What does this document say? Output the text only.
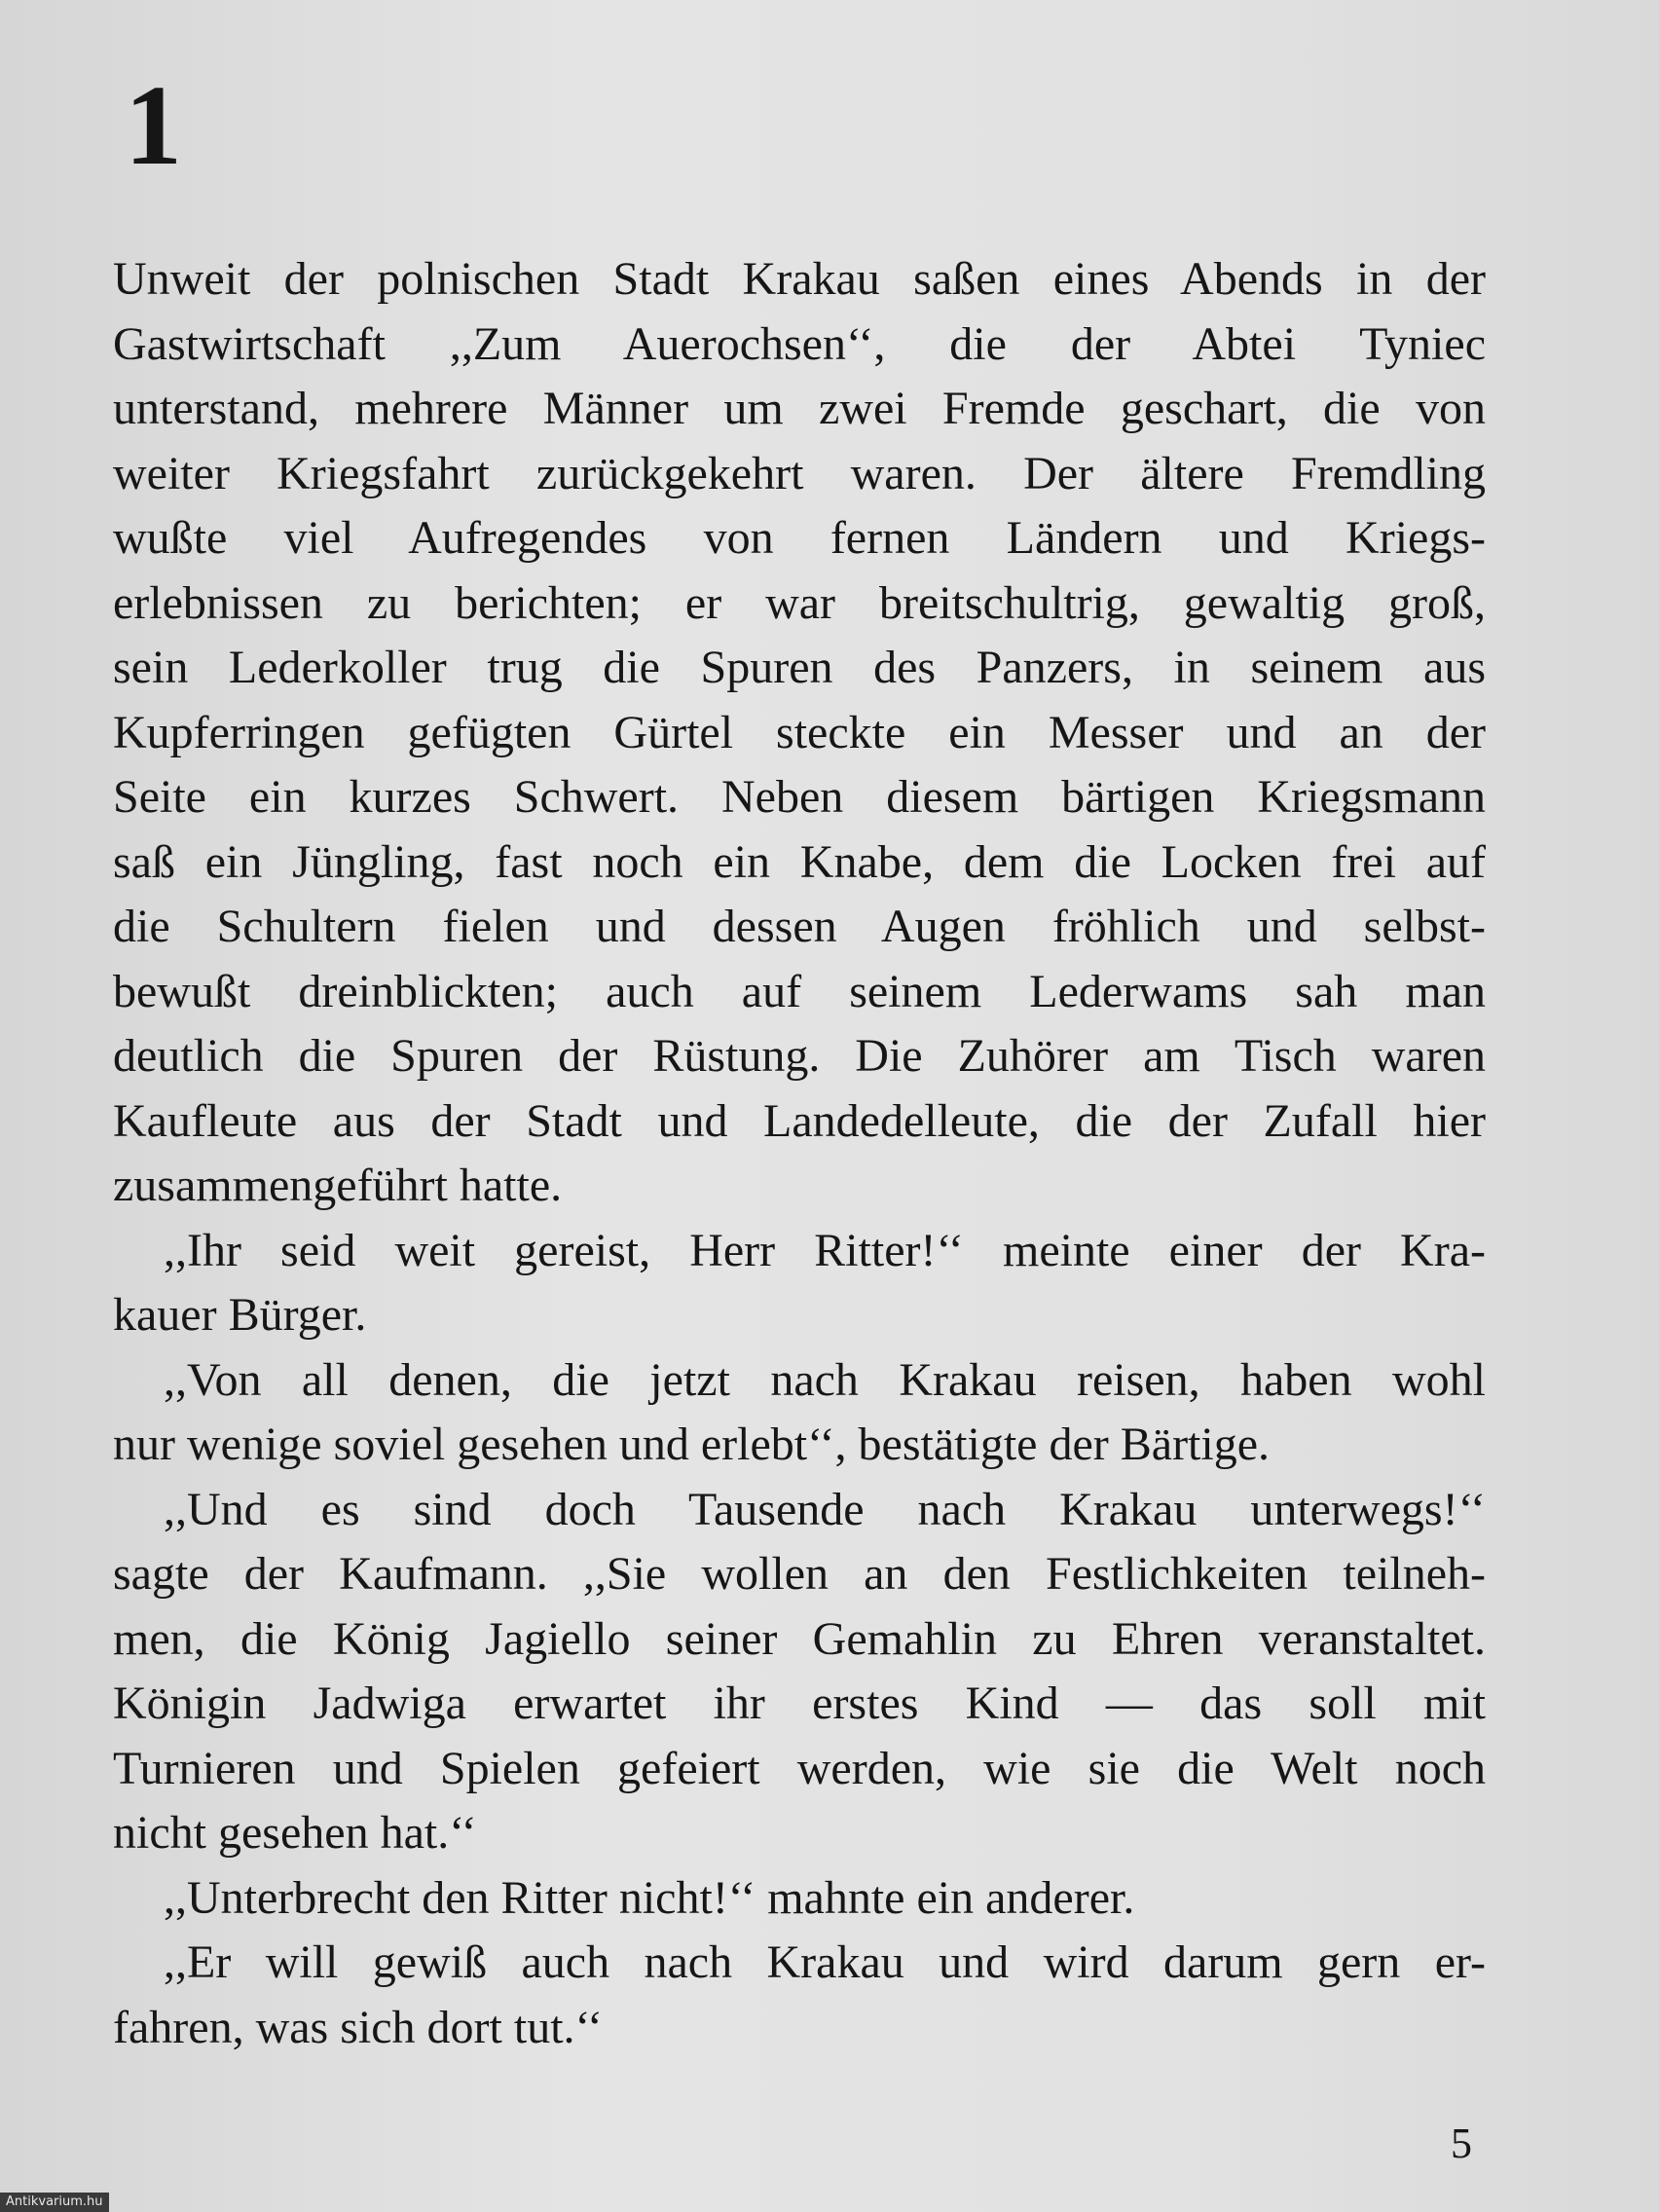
1
Unweit der polnischen Stadt Krakau saßen eines Abends in der
Gastwirtschaft ,,Zum Auerochsen‘‘, die der Abtei Tyniec
unterstand, mehrere Männer um zwei Fremde geschart, die von
weiter Kriegsfahrt zurückgekehrt waren. Der ältere Fremdling
wußte viel Aufregendes von fernen Ländern und Kriegs-
erlebnissen zu berichten; er war breitschultrig, gewaltig groß,
sein Lederkoller trug die Spuren des Panzers, in seinem aus
Kupferringen gefügten Gürtel steckte ein Messer und an der
Seite ein kurzes Schwert. Neben diesem bärtigen Kriegsmann
saß ein Jüngling, fast noch ein Knabe, dem die Locken frei auf
die Schultern fielen und dessen Augen fröhlich und selbst-
bewußt dreinblickten; auch auf seinem Lederwams sah man
deutlich die Spuren der Rüstung. Die Zuhörer am Tisch waren
Kaufleute aus der Stadt und Landedelleute, die der Zufall hier
zusammengeführt hatte.
,,Ihr seid weit gereist, Herr Ritter!‘‘ meinte einer der Kra-
kauer Bürger.
,,Von all denen, die jetzt nach Krakau reisen, haben wohl
nur wenige soviel gesehen und erlebt‘‘, bestätigte der Bärtige.
,,Und es sind doch Tausende nach Krakau unterwegs!‘‘
sagte der Kaufmann. ,,Sie wollen an den Festlichkeiten teilneh-
men, die König Jagiello seiner Gemahlin zu Ehren veranstaltet.
Königin Jadwiga erwartet ihr erstes Kind — das soll mit
Turnieren und Spielen gefeiert werden, wie sie die Welt noch
nicht gesehen hat.‘‘
,,Unterbrecht den Ritter nicht!‘‘ mahnte ein anderer.
,,Er will gewiß auch nach Krakau und wird darum gern er-
fahren, was sich dort tut.‘‘
5
Antikvarium.hu
